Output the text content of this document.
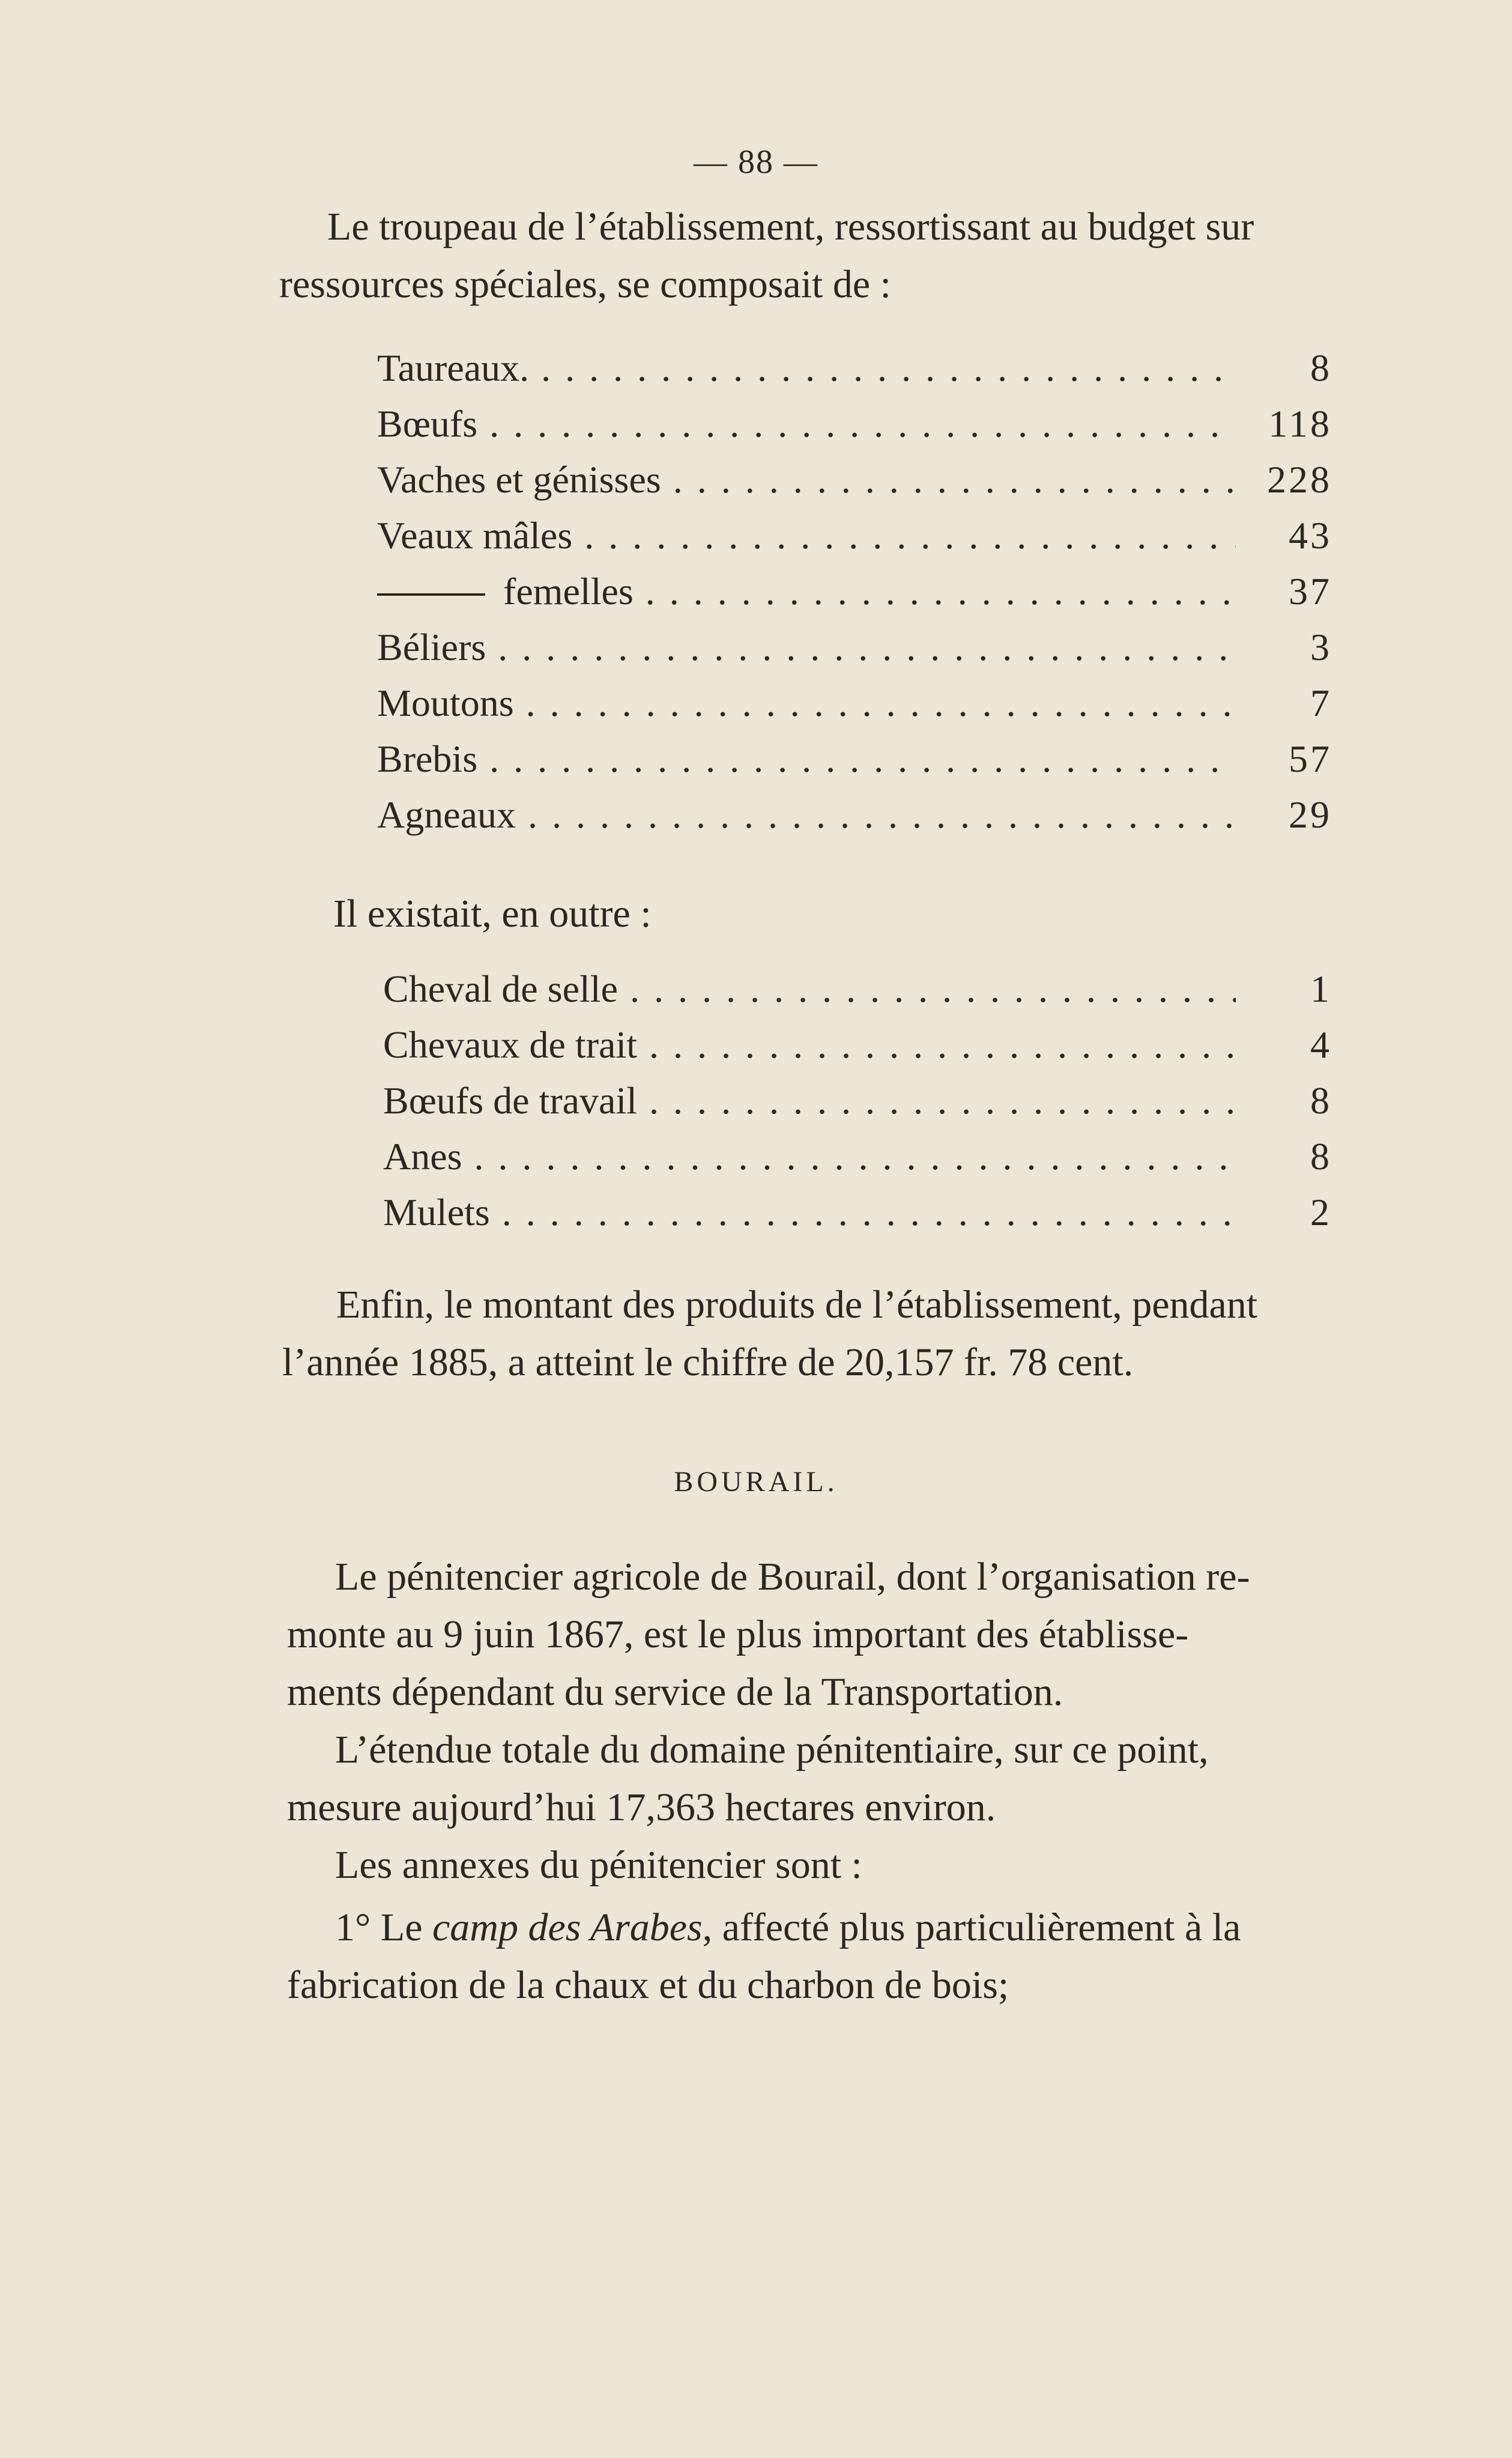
— 88 —
Le troupeau de l’établissement, ressortissant au budget sur
ressources spéciales, se composait de :
Taureaux. . . .	8
Bœufs . . .	118
Vaches et génisses . . .	228
Veaux mâles . . .	43
femelles . . .	37
Béliers . . .	3
Moutons . . .	7
Brebis . . .	57
Agneaux . . .	29
Il existait, en outre :
Cheval de selle . . .	1
Chevaux de trait . . .	4
Bœufs de travail . . .	8
Anes . . .	8
Mulets . . .	2
Enfin, le montant des produits de l’établissement, pendant
l’année 1885, a atteint le chiffre de 20,157 fr. 78 cent.
BOURAIL.
Le pénitencier agricole de Bourail, dont l’organisation re-
monte au 9 juin 1867, est le plus important des établisse-
ments dépendant du service de la Transportation.
L’étendue totale du domaine pénitentiaire, sur ce point,
mesure aujourd’hui 17,363 hectares environ.
Les annexes du pénitencier sont :
1° Le camp des Arabes, affecté plus particulièrement à la
fabrication de la chaux et du charbon de bois;
